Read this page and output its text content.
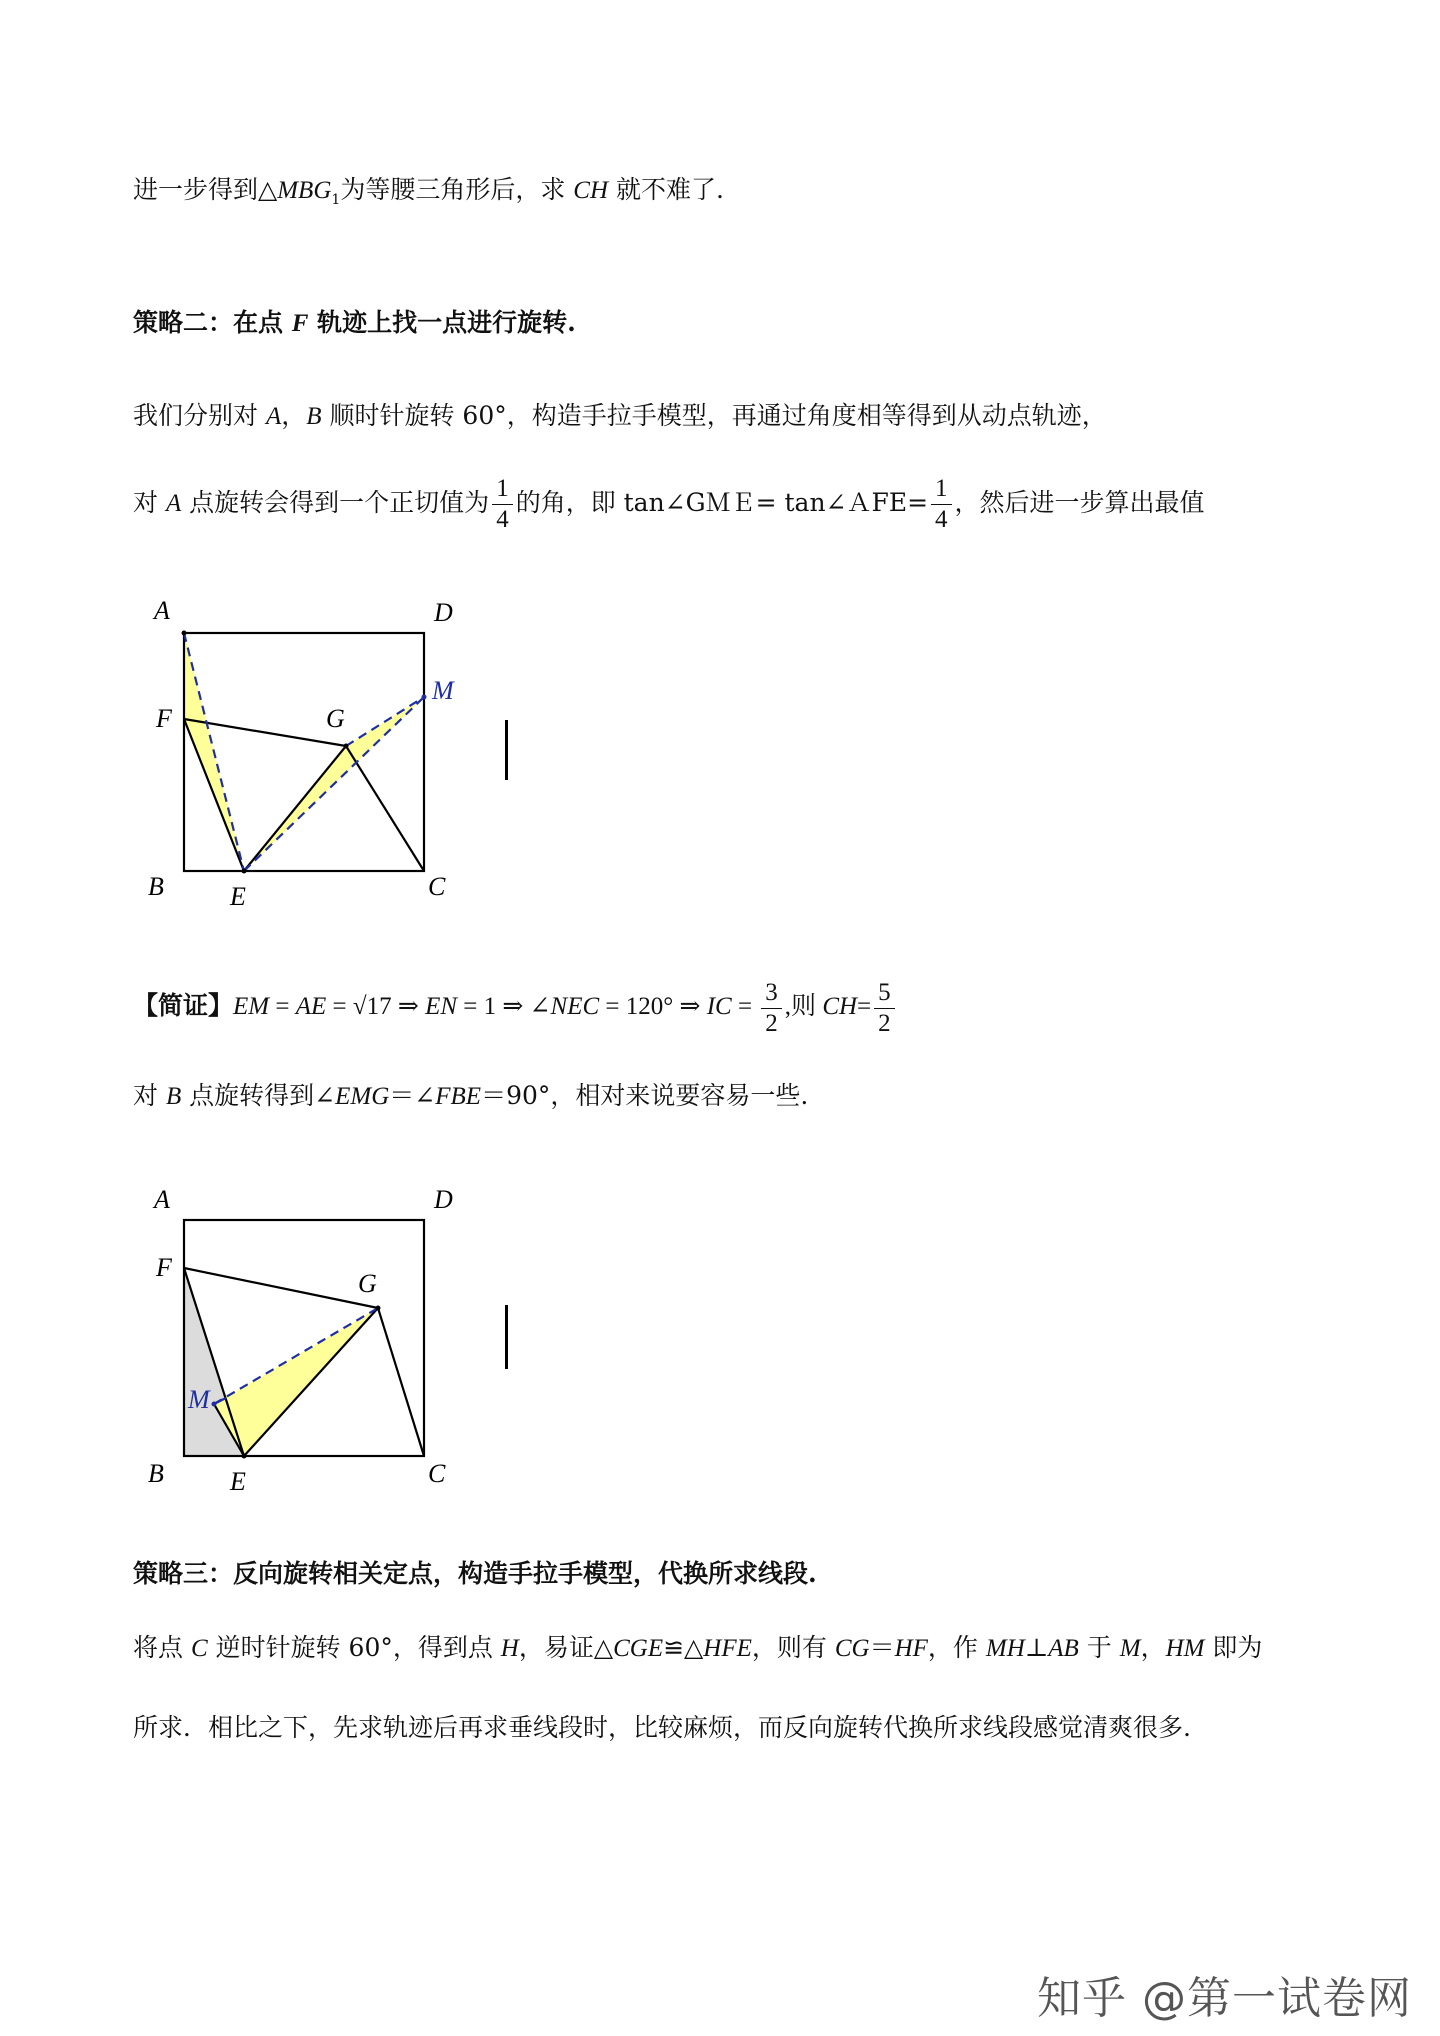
进一步得到$\triangle MBG_1$为等腰三角形后，求 CH 就不难了.
策略二：在点 F 轨迹上找一点进行旋转.
我们分别对 A，B 顺时针旋转 60°，构造手拉手模型，再通过角度相等得到从动点轨迹，
对 A 点旋转会得到一个正切值为 $\frac{1}{4}$ 的角，即 tan∠GＭＥ= tan∠ＡFE= $\frac{1}{4}$ ，然后进一步算出最值
A	D
F	G
M
B	E	C
【简证】EM = AE = √17 ⇒ EN = 1 ⇒ ∠NEC = 120° ⇒ IC = $\frac{3}{2}$ ,则 $CH= \frac{5}{2}$
对 B 点旋转得到∠EMG＝∠FBE＝90°，相对来说要容易一些.
A	D
F
G
M
B	E	C
策略三：反向旋转相关定点，构造手拉手模型，代换所求线段.
将点 C 逆时针旋转 60°，得到点 H，易证△CGE≌△HFE，则有 CG＝HF，作 MH⊥AB 于 M，HM 即为
所求．相比之下，先求轨迹后再求垂线段时，比较麻烦，而反向旋转代换所求线段感觉清爽很多.
知乎 @第一试卷网
